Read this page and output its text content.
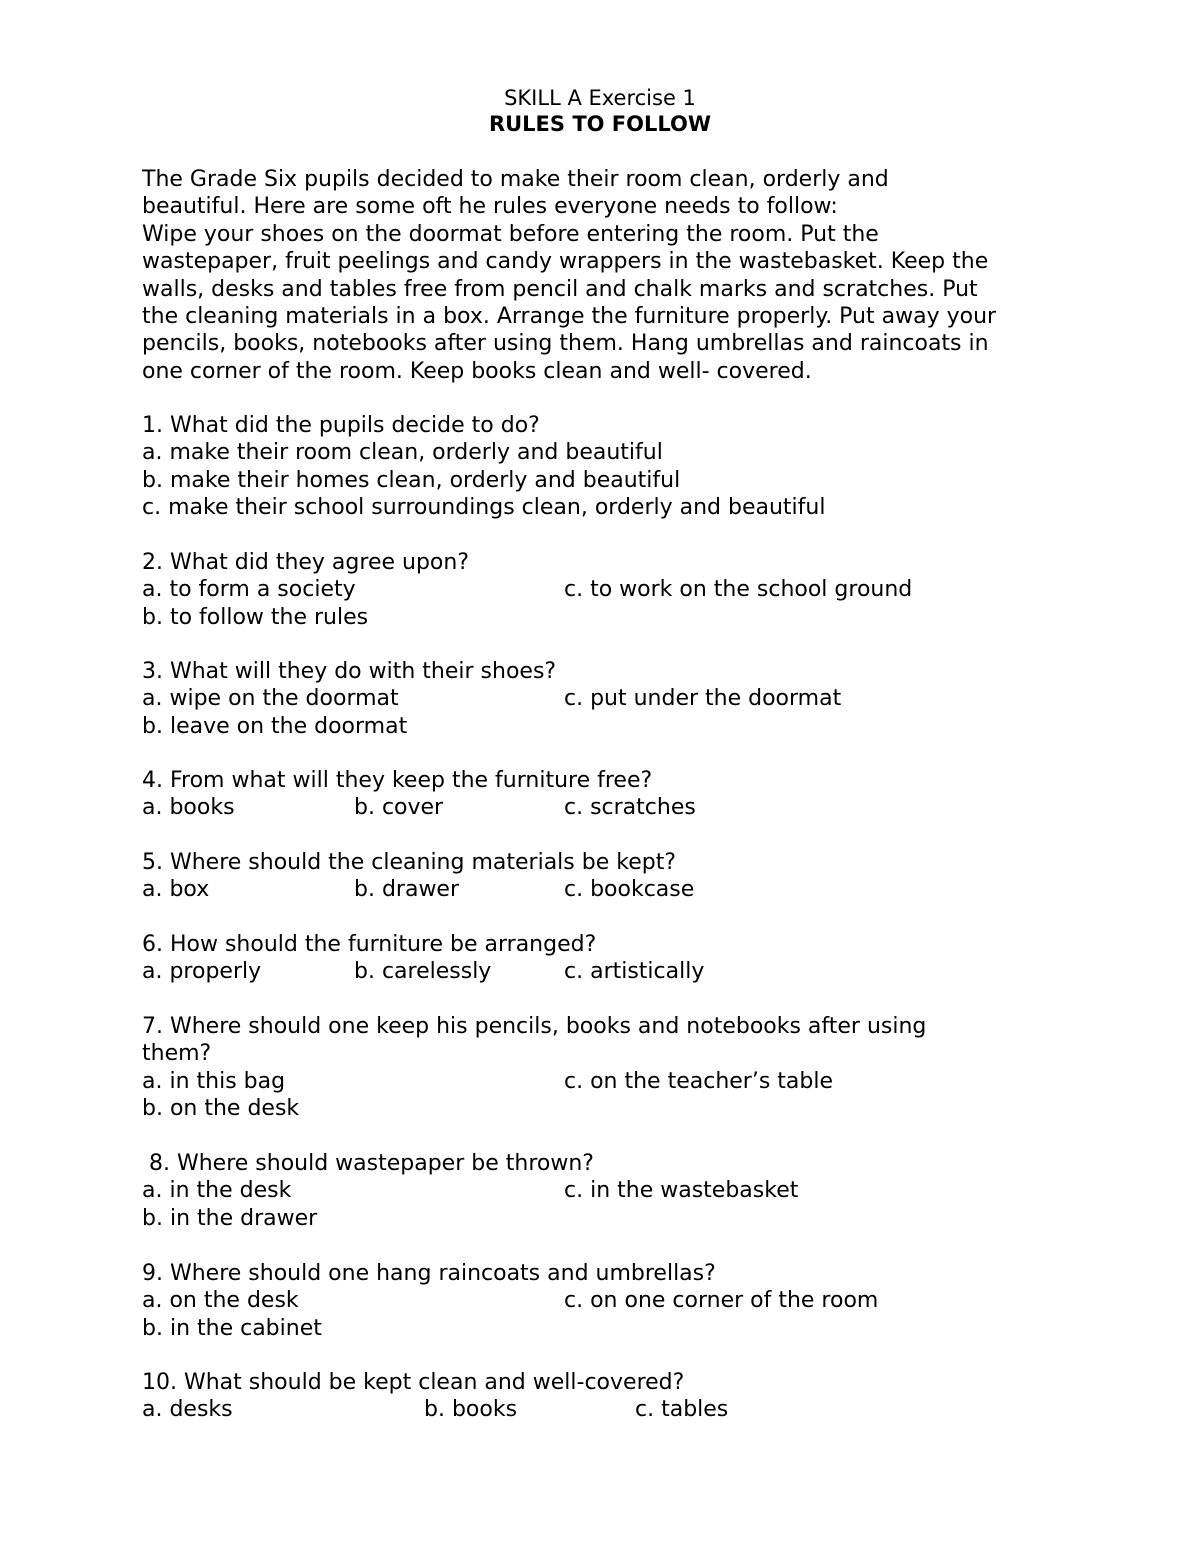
SKILL A Exercise 1
RULES TO FOLLOW
The Grade Six pupils decided to make their room clean, orderly and
beautiful. Here are some oft he rules everyone needs to follow:
Wipe your shoes on the doormat before entering the room. Put the
wastepaper, fruit peelings and candy wrappers in the wastebasket. Keep the
walls, desks and tables free from pencil and chalk marks and scratches. Put
the cleaning materials in a box. Arrange the furniture properly. Put away your
pencils, books, notebooks after using them. Hang umbrellas and raincoats in
one corner of the room. Keep books clean and well- covered.
1. What did the pupils decide to do?
a. make their room clean, orderly and beautiful
b. make their homes clean, orderly and beautiful
c. make their school surroundings clean, orderly and beautiful
2. What did they agree upon?
a. to form a society	c. to work on the school ground
b. to follow the rules
3. What will they do with their shoes?
a. wipe on the doormat	c. put under the doormat
b. leave on the doormat
4. From what will they keep the furniture free?
a. books	b. cover	c. scratches
5. Where should the cleaning materials be kept?
a. box	b. drawer	c. bookcase
6. How should the furniture be arranged?
a. properly	b. carelessly	c. artistically
7. Where should one keep his pencils, books and notebooks after using
them?
a. in this bag	c. on the teacher’s table
b. on the desk
8. Where should wastepaper be thrown?
a. in the desk	c. in the wastebasket
b. in the drawer
9. Where should one hang raincoats and umbrellas?
a. on the desk	c. on one corner of the room
b. in the cabinet
10. What should be kept clean and well-covered?
a. desks	b. books	c. tables
